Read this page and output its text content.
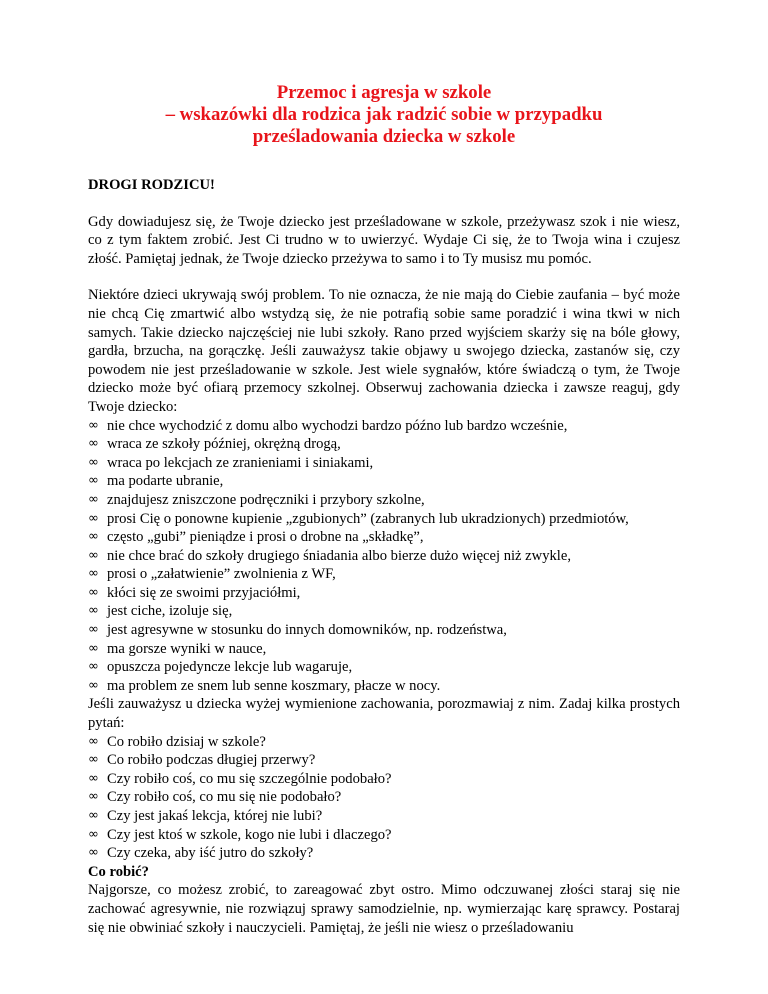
Przemoc i agresja w szkole
– wskazówki dla rodzica jak radzić sobie w przypadku
prześladowania dziecka w szkole

DROGI RODZICU!

Gdy dowiadujesz się, że Twoje dziecko jest prześladowane w szkole, przeżywasz szok i nie wiesz, co z tym faktem zrobić. Jest Ci trudno w to uwierzyć. Wydaje Ci się, że to Twoja wina i czujesz złość. Pamiętaj jednak, że Twoje dziecko przeżywa to samo i to Ty musisz mu pomóc.

Niektóre dzieci ukrywają swój problem. To nie oznacza, że nie mają do Ciebie zaufania – być może nie chcą Cię zmartwić albo wstydzą się, że nie potrafią sobie same poradzić i wina tkwi w nich samych. Takie dziecko najczęściej nie lubi szkoły. Rano przed wyjściem skarży się na bóle głowy, gardła, brzucha, na gorączkę. Jeśli zauważysz takie objawy u swojego dziecka, zastanów się, czy powodem nie jest prześladowanie w szkole. Jest wiele sygnałów, które świadczą o tym, że Twoje dziecko może być ofiarą przemocy szkolnej. Obserwuj zachowania dziecka i zawsze reaguj, gdy Twoje dziecko:

∞ nie chce wychodzić z domu albo wychodzi bardzo późno lub bardzo wcześnie,
∞ wraca ze szkoły później, okrężną drogą,
∞ wraca po lekcjach ze zranieniami i siniakami,
∞ ma podarte ubranie,
∞ znajdujesz zniszczone podręczniki i przybory szkolne,
∞ prosi Cię o ponowne kupienie „zgubionych” (zabranych lub ukradzionych) przedmiotów,
∞ często „gubi” pieniądze i prosi o drobne na „składkę”,
∞ nie chce brać do szkoły drugiego śniadania albo bierze dużo więcej niż zwykle,
∞ prosi o „załatwienie” zwolnienia z WF,
∞ kłóci się ze swoimi przyjaciółmi,
∞ jest ciche, izoluje się,
∞ jest agresywne w stosunku do innych domowników, np. rodzeństwa,
∞ ma gorsze wyniki w nauce,
∞ opuszcza pojedyncze lekcje lub wagaruje,
∞ ma problem ze snem lub senne koszmary, płacze w nocy.

Jeśli zauważysz u dziecka wyżej wymienione zachowania, porozmawiaj z nim. Zadaj kilka prostych pytań:

∞ Co robiło dzisiaj w szkole?
∞ Co robiło podczas długiej przerwy?
∞ Czy robiło coś, co mu się szczególnie podobało?
∞ Czy robiło coś, co mu się nie podobało?
∞ Czy jest jakaś lekcja, której nie lubi?
∞ Czy jest ktoś w szkole, kogo nie lubi i dlaczego?
∞ Czy czeka, aby iść jutro do szkoły?

Co robić?

Najgorsze, co możesz zrobić, to zareagować zbyt ostro. Mimo odczuwanej złości staraj się nie zachować agresywnie, nie rozwiązuj sprawy samodzielnie, np. wymierzając karę sprawcy. Postaraj się nie obwiniać szkoły i nauczycieli. Pamiętaj, że jeśli nie wiesz o prześladowaniu
